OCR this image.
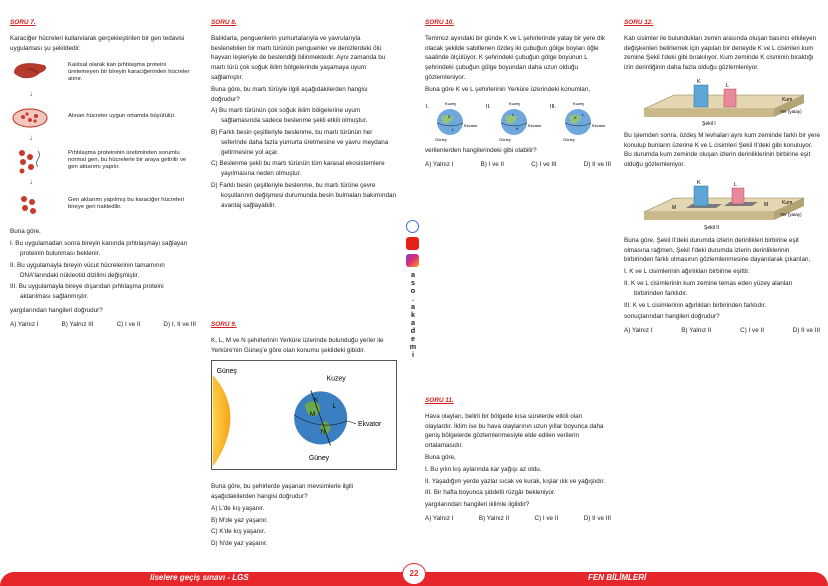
SORU 7.

Karaciğer hücreleri kullanılarak gerçekleştirilen bir gen tedavisi uygulaması şu şekildedir:

Kalıtsal olarak kan pıhtılaşma proteini üretemeyen bir bireyin karaciğerinden hücreler alınır.
↓
Alınan hücreler uygun ortamda büyütülür.
↓
Pıhtılaşma proteininin üretiminden sorumlu normal gen, bu hücrelerle bir araya getirilir ve gen aktarımı yapılır.
↓
Gen aktarımı yapılmış bu karaciğer hücreleri bireye geri nakledilir.

Buna göre,

I. Bu uygulamadan sonra bireyin kanında pıhtılaşmayı sağlayan proteinin bulunması beklenir.

II. Bu uygulamayla bireyin vücut hücrelerinin tamamının DNA'larındaki nükleotid dizilimi değişmiştir.

III. Bu uygulamayla bireye dışarıdan pıhtılaşma proteini aktarılması sağlanmıştır.

yargılarından hangileri doğrudur?

A) Yalnız I	B) Yalnız III	C) I ve II	D) I, II ve III
SORU 8.

Balıklarla, penguenlerin yumurtalarıyla ve yavrularıyla beslenebilen bir martı türünün penguenler ve denizlerdeki ölü hayvan leşleriyle de beslendiği bilinmektedir. Aynı zamanda bu martı türü çok soğuk iklim bölgelerinde yaşamaya uyum sağlamıştır.

Buna göre, bu martı türüyle ilgili aşağıdakilerden hangisi doğrudur?

A) Bu martı türünün çok soğuk iklim bölgelerine uyum sağlamasında sadece beslenme şekli etkili olmuştur.

B) Farklı besin çeşitleriyle beslenme, bu martı türünün her seferinde daha fazla yumurta üretmesine ve yavru meydana getirmesine yol açar.

C) Beslenme şekli bu martı türünün tüm karasal ekosistemlere yayılmasına neden olmuştur.

D) Farklı besin çeşitleriyle beslenme, bu martı türüne çevre koşullarının değişmesi durumunda besin bulmaları bakımından avantaj sağlayabilir.

SORU 9.

K, L, M ve N şehirlerinin Yerküre üzerinde bulunduğu yerler ile Yerküre'nin Güneş'e göre olan konumu şekildeki gibidir.

Güneş
Kuzey
Güney
Ekvator
K
M
L
N

Buna göre, bu şehirlerde yaşanan mevsimlerle ilgili aşağıdakilerden hangisi doğrudur?

A) L'de kış yaşanır.

B) M'de yaz yaşanır.

C) K'de kış yaşanır.

D) N'de yaz yaşanır.

a
s
o
.
a
k
a
d
e
m
i
SORU 10.

Temmuz ayındaki bir günde K ve L şehirlerinde yatay bir yere dik olacak şekilde sabitlenen özdeş iki çubuğun gölge boyları öğle saatinde ölçülüyor. K şehrindeki çubuğun gölge boyunun L şehrindeki çubuğun gölge boyundan daha uzun olduğu gözlemleniyor.

Buna göre K ve L şehirlerinin Yerküre üzerindeki konumları,

I.
Kuzey
Ekvator
K
L
Güney
II.
Kuzey
Ekvator
L
K
Güney
III.
Kuzey
Ekvator
K
L
Güney

verilenlerden hangilerindeki gibi olabilir?

A) Yalnız I	B) I ve II	C) I ve III	D) II ve III
SORU 11.

Hava olayları, belirli bir bölgede kısa sürelerde etkili olan olaylardır. İklim ise bu hava olaylarının uzun yıllar boyunca daha geniş bölgelerde gözlemlenmesiyle elde edilen verilerin ortalamasıdır.

Buna göre,

I. Bu yılın kış aylarında kar yağışı az oldu.

II. Yaşadığım yerde yazlar sıcak ve kurak, kışlar ılık ve yağışlıdır.

III. Bir hafta boyunca şiddetli rüzgâr bekleniyor.

yargılarından hangileri iklimle ilgilidir?

A) Yalnız I	B) Yalnız II	C) I ve II	D) II ve III
SORU 12.

Katı cisimler ile bulundukları zemin arasında oluşan basıncı etkileyen değişkenleri belirlemek için yapılan bir deneyde K ve L cisimleri kum zemine Şekil I'deki gibi bırakılıyor. Kum zeminde K cisminin bıraktığı izin derinliğinin daha fazla olduğu gözlemleniyor.

K
L
Kum
Yer (yatay)
Şekil I

Bu işlemden sonra, özdeş M levhaları aynı kum zeminde farklı bir yere konulup bunların üzerine K ve L cisimleri Şekil II'deki gibi konuluyor. Bu durumda kum zeminde oluşan izlerin derinliklerinin birbirine eşit olduğu gözlemleniyor.

K	L
M	M	Kum
Yer (yatay)
Şekil II

Buna göre, Şekil II'deki durumda izlerin derinlikleri birbirine eşit olmasına rağmen, Şekil I'deki durumda izlerin derinliklerinin birbirinden farklı olmasının gözlemlenmesine dayanılarak çıkarılan,

I. K ve L cisimlerinin ağırlıkları birbirine eşittir.

II. K ve L cisimlerinin kum zemine temas eden yüzey alanları birbirinden farklıdır.

III. K ve L cisimlerinin ağırlıkları birbirinden farklıdır.

sonuçlarından hangileri doğrudur?

A) Yalnız I	B) Yalnız II	C) I ve II	D) II ve III
liselere geçiş sınavı - LGS	FEN BİLİMLERİ
22
